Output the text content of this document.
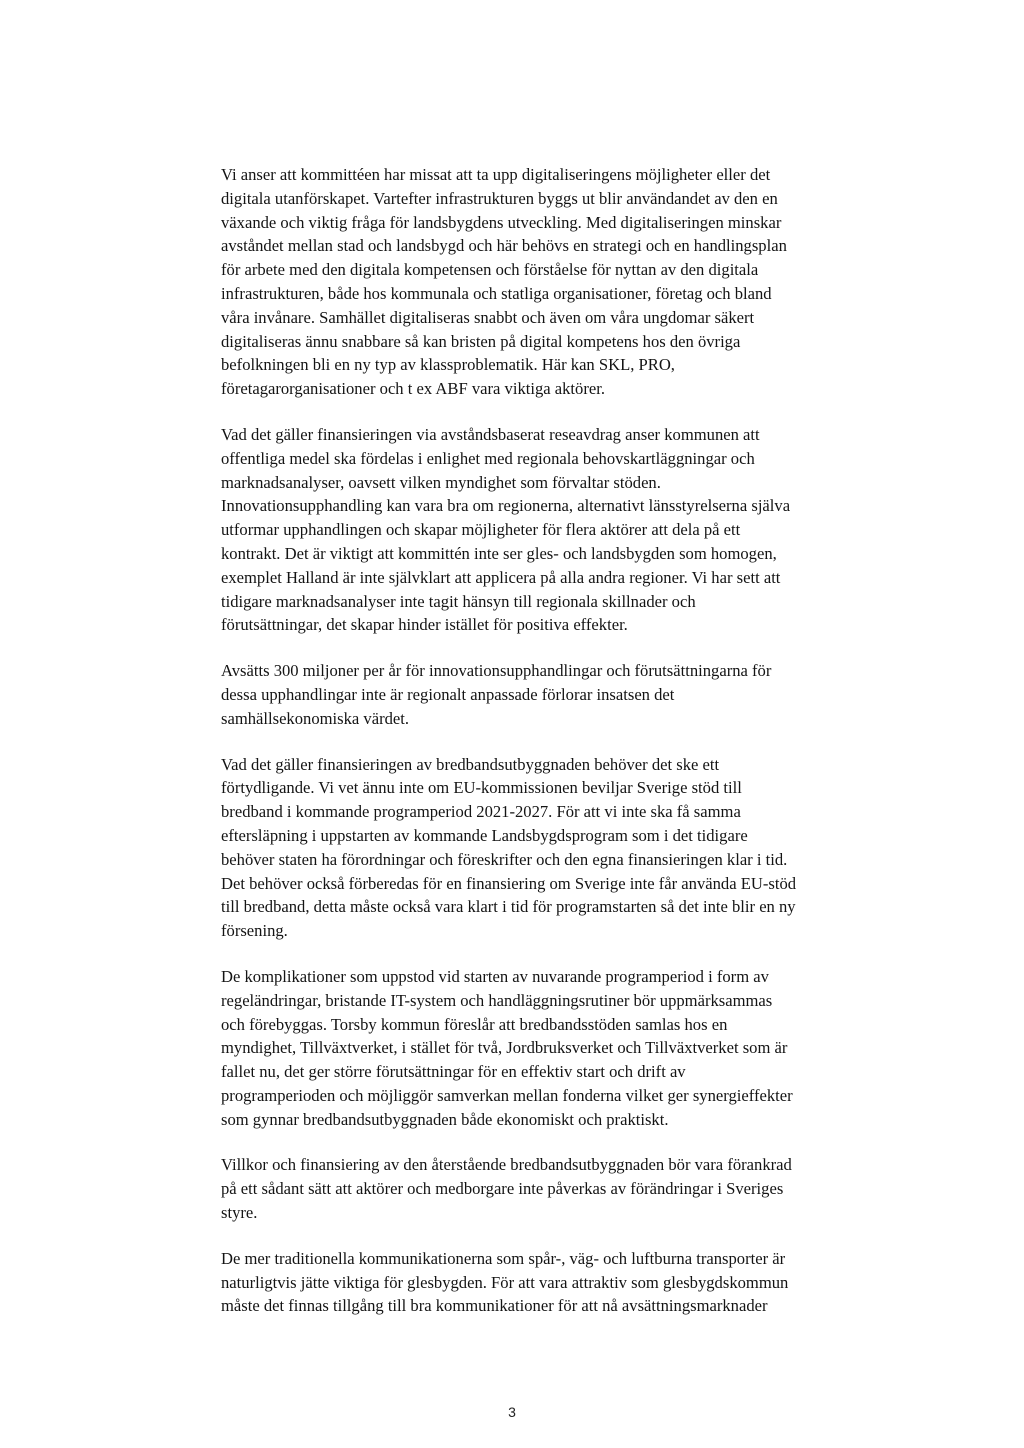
Vi anser att kommittéen har missat att ta upp digitaliseringens möjligheter eller det
digitala utanförskapet. Vartefter infrastrukturen byggs ut blir användandet av den en
växande och viktig fråga för landsbygdens utveckling. Med digitaliseringen minskar
avståndet mellan stad och landsbygd och här behövs en strategi och en handlingsplan
för arbete med den digitala kompetensen och förståelse för nyttan av den digitala
infrastrukturen, både hos kommunala och statliga organisationer, företag och bland
våra invånare. Samhället digitaliseras snabbt och även om våra ungdomar säkert
digitaliseras ännu snabbare så kan bristen på digital kompetens hos den övriga
befolkningen bli en ny typ av klassproblematik. Här kan SKL, PRO,
företagarorganisationer och t ex ABF vara viktiga aktörer.

Vad det gäller finansieringen via avståndsbaserat reseavdrag anser kommunen att
offentliga medel ska fördelas i enlighet med regionala behovskartläggningar och
marknadsanalyser, oavsett vilken myndighet som förvaltar stöden.
Innovationsupphandling kan vara bra om regionerna, alternativt länsstyrelserna själva
utformar upphandlingen och skapar möjligheter för flera aktörer att dela på ett
kontrakt. Det är viktigt att kommittén inte ser gles- och landsbygden som homogen,
exemplet Halland är inte självklart att applicera på alla andra regioner. Vi har sett att
tidigare marknadsanalyser inte tagit hänsyn till regionala skillnader och
förutsättningar, det skapar hinder istället för positiva effekter.

Avsätts 300 miljoner per år för innovationsupphandlingar och förutsättningarna för
dessa upphandlingar inte är regionalt anpassade förlorar insatsen det
samhällsekonomiska värdet.

Vad det gäller finansieringen av bredbandsutbyggnaden behöver det ske ett
förtydligande. Vi vet ännu inte om EU-kommissionen beviljar Sverige stöd till
bredband i kommande programperiod 2021-2027. För att vi inte ska få samma
eftersläpning i uppstarten av kommande Landsbygdsprogram som i det tidigare
behöver staten ha förordningar och föreskrifter och den egna finansieringen klar i tid.
Det behöver också förberedas för en finansiering om Sverige inte får använda EU-stöd
till bredband, detta måste också vara klart i tid för programstarten så det inte blir en ny
försening.

De komplikationer som uppstod vid starten av nuvarande programperiod i form av
regeländringar, bristande IT-system och handläggningsrutiner bör uppmärksammas
och förebyggas. Torsby kommun föreslår att bredbandsstöden samlas hos en
myndighet, Tillväxtverket, i stället för två, Jordbruksverket och Tillväxtverket som är
fallet nu, det ger större förutsättningar för en effektiv start och drift av
programperioden och möjliggör samverkan mellan fonderna vilket ger synergieffekter
som gynnar bredbandsutbyggnaden både ekonomiskt och praktiskt.

Villkor och finansiering av den återstående bredbandsutbyggnaden bör vara förankrad
på ett sådant sätt att aktörer och medborgare inte påverkas av förändringar i Sveriges
styre.

De mer traditionella kommunikationerna som spår-, väg- och luftburna transporter är
naturligtvis jätte viktiga för glesbygden. För att vara attraktiv som glesbygdskommun
måste det finnas tillgång till bra kommunikationer för att nå avsättningsmarknader

3
